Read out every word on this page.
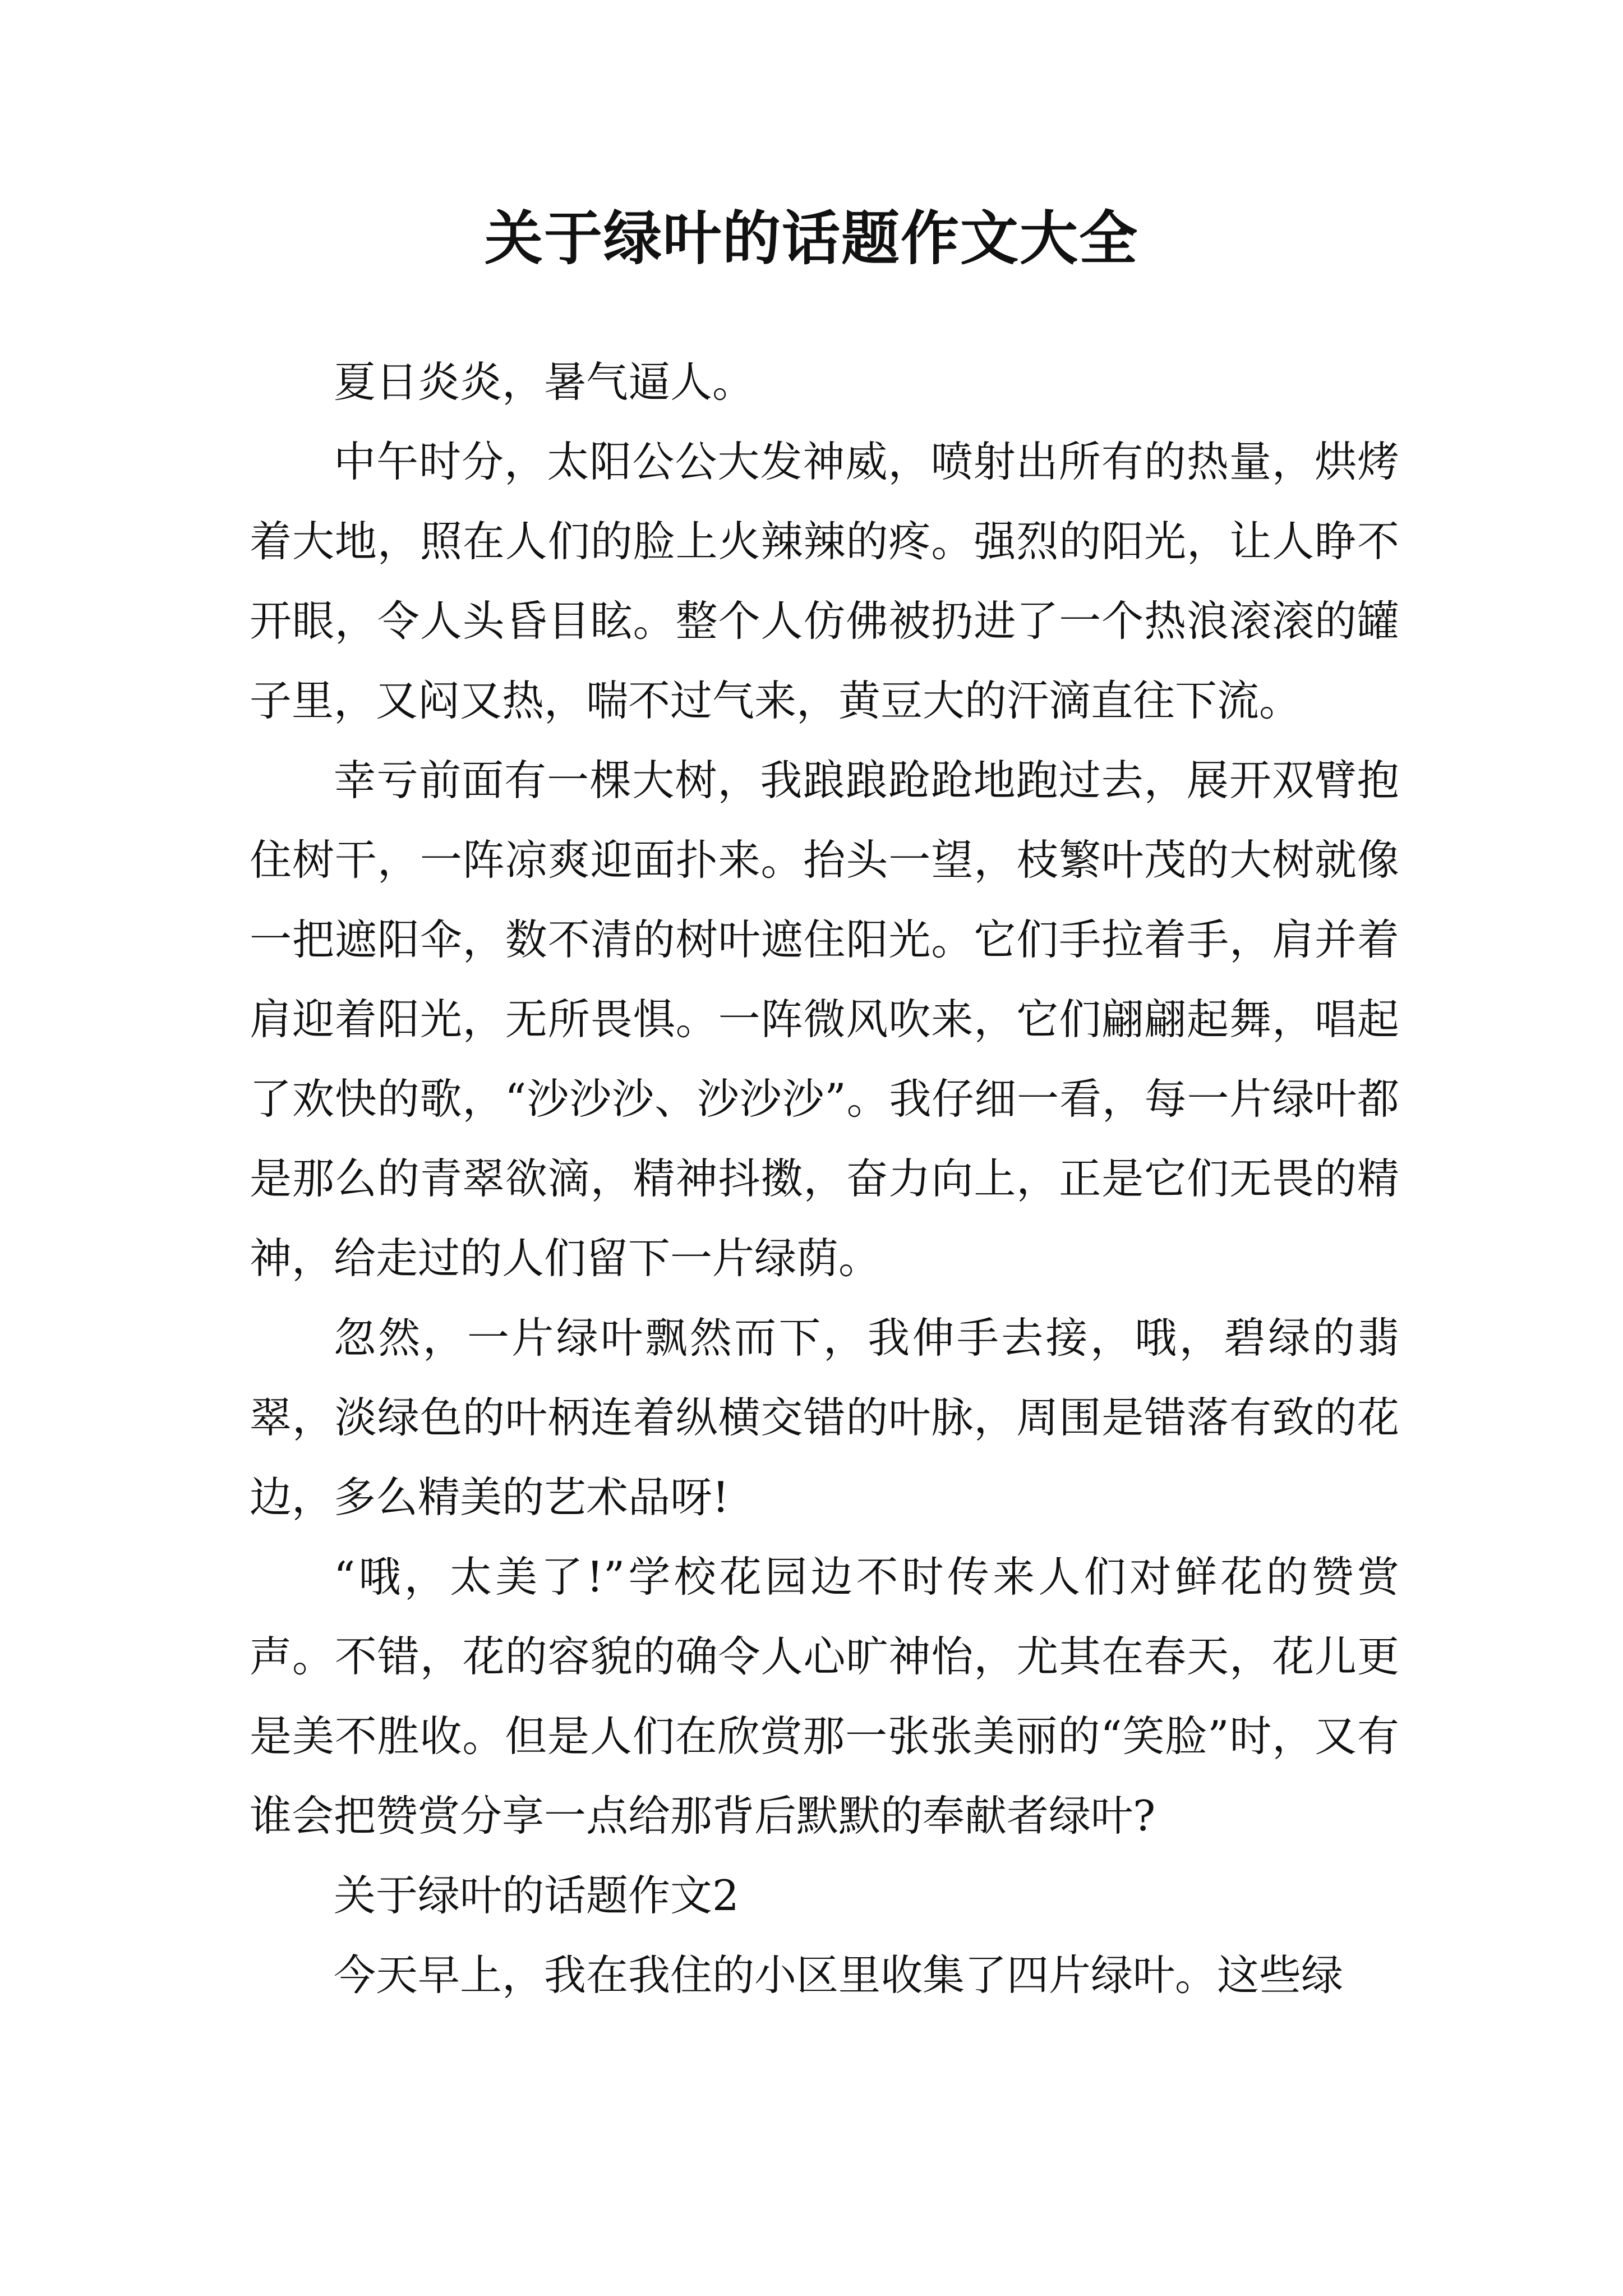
关于绿叶的话题作文大全

夏日炎炎，暑气逼人。

中午时分，太阳公公大发神威，喷射出所有的热量，烘烤着大地，照在人们的脸上火辣辣的疼。强烈的阳光，让人睁不开眼，令人头昏目眩。整个人仿佛被扔进了一个热浪滚滚的罐子里，又闷又热，喘不过气来，黄豆大的汗滴直往下流。

幸亏前面有一棵大树，我踉踉跄跄地跑过去，展开双臂抱住树干，一阵凉爽迎面扑来。抬头一望，枝繁叶茂的大树就像一把遮阳伞，数不清的树叶遮住阳光。它们手拉着手，肩并着肩迎着阳光，无所畏惧。一阵微风吹来，它们翩翩起舞，唱起了欢快的歌，“沙沙沙、沙沙沙”。我仔细一看，每一片绿叶都是那么的青翠欲滴，精神抖擞，奋力向上，正是它们无畏的精神，给走过的人们留下一片绿荫。

忽然，一片绿叶飘然而下，我伸手去接，哦，碧绿的翡翠，淡绿色的叶柄连着纵横交错的叶脉，周围是错落有致的花边，多么精美的艺术品呀!

“哦，太美了!”学校花园边不时传来人们对鲜花的赞赏声。不错，花的容貌的确令人心旷神怡，尤其在春天，花儿更是美不胜收。但是人们在欣赏那一张张美丽的“笑脸”时，又有谁会把赞赏分享一点给那背后默默的奉献者绿叶?

关于绿叶的话题作文2

今天早上，我在我住的小区里收集了四片绿叶。这些绿
